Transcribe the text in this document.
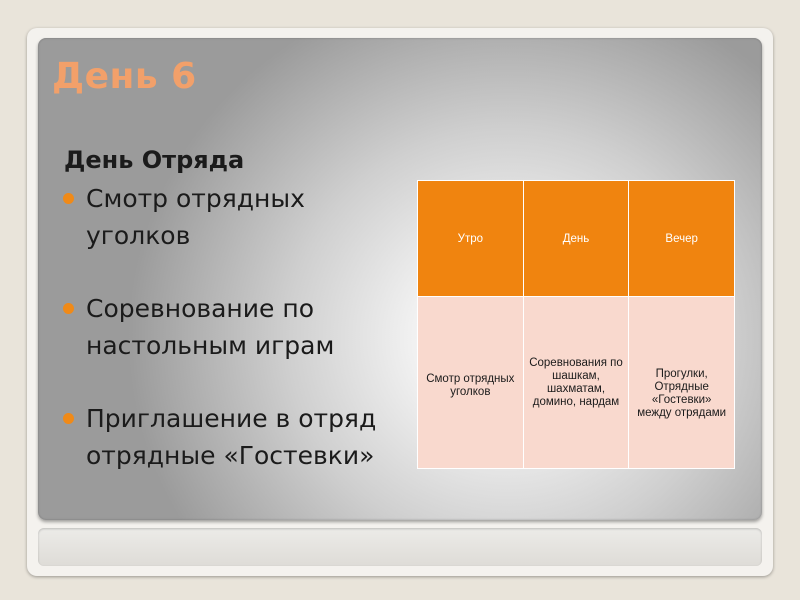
День 6
День Отряда
Смотр отрядных уголков
Соревнование по настольным играм
Приглашение в отряд отрядные «Гостевки»
Утро	День	Вечер
Смотр отрядных уголков	Соревнования по шашкам, шахматам, домино, нардам	Прогулки, Отрядные «Гостевки» между отрядами
